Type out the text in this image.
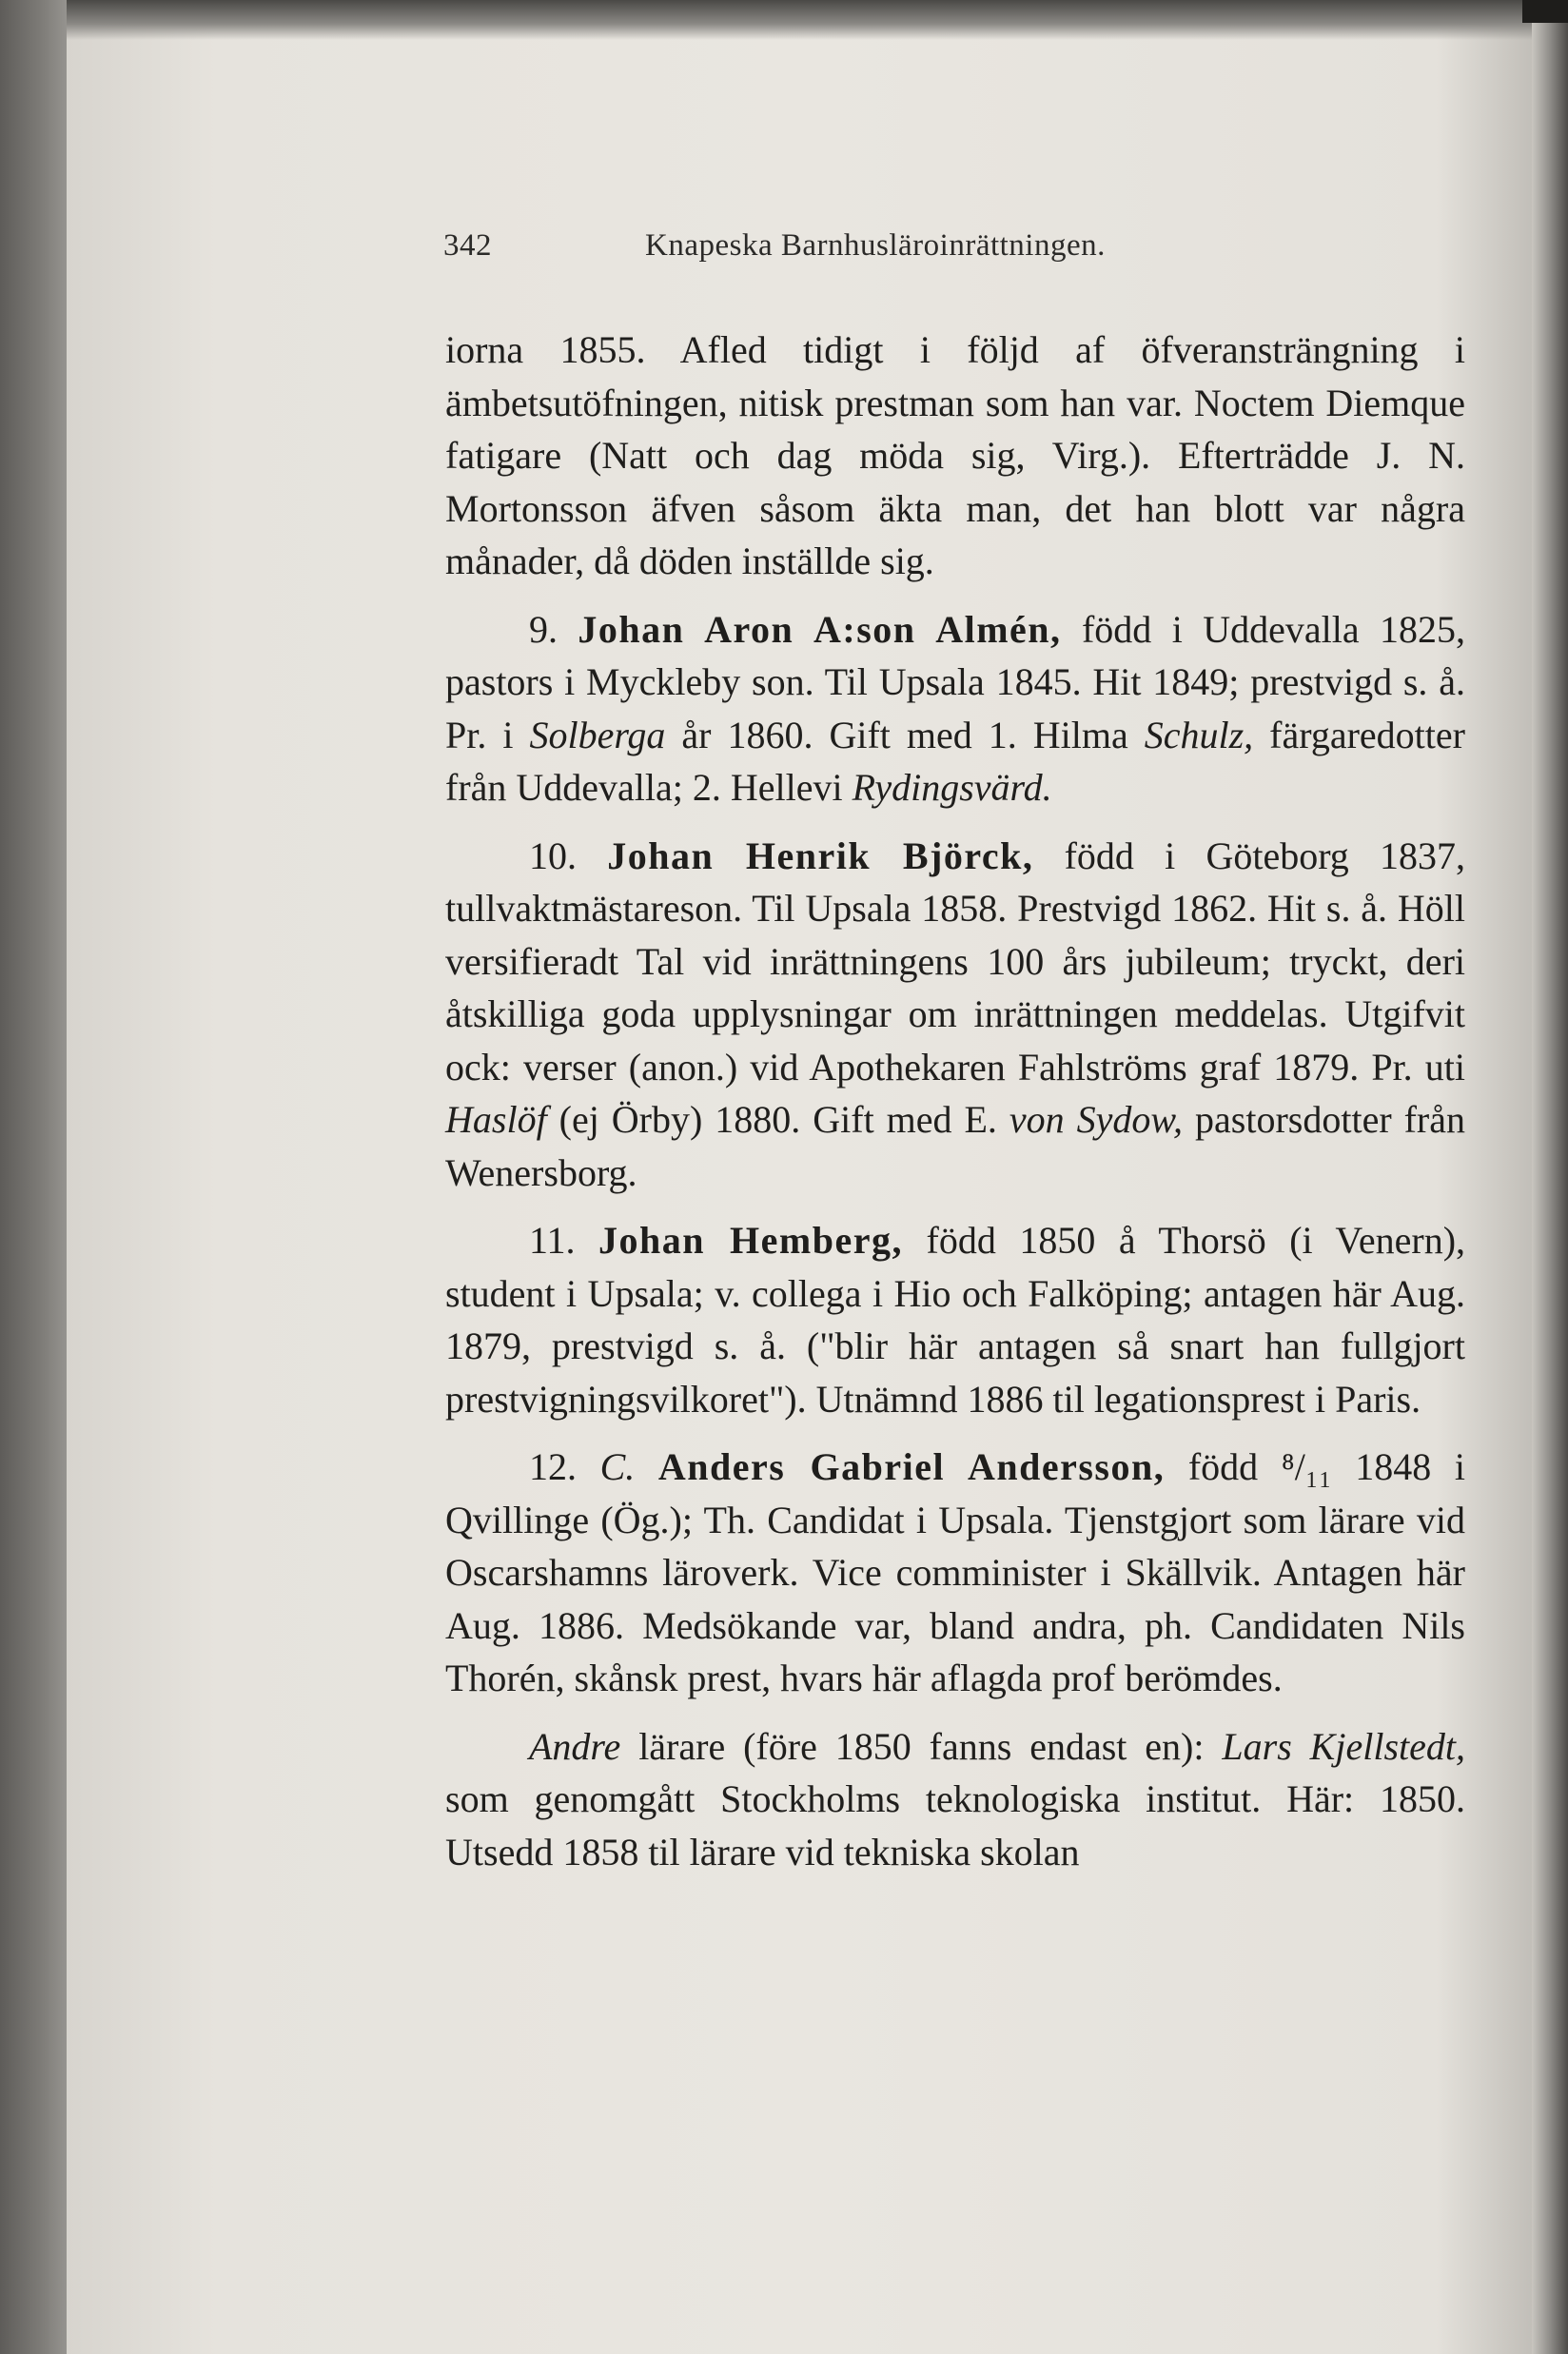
342	Knapeska Barnhusläroinrättningen.

iorna 1855. Afled tidigt i följd af öfveransträngning i ämbetsutöfningen, nitisk prestman som han var. Noctem Diemque fatigare (Natt och dag möda sig, Virg.). Efterträdde J. N. Mortonsson äfven såsom äkta man, det han blott var några månader, då döden inställde sig.

9. Johan Aron A:son Almén, född i Uddevalla 1825, pastors i Myckleby son. Til Upsala 1845. Hit 1849; prestvigd s. å. Pr. i Solberga år 1860. Gift med 1. Hilma Schulz, färgaredotter från Uddevalla; 2. Hellevi Rydingsvärd.

10. Johan Henrik Björck, född i Göteborg 1837, tullvaktmästareson. Til Upsala 1858. Prestvigd 1862. Hit s. å. Höll versifieradt Tal vid inrättningens 100 års jubileum; tryckt, deri åtskilliga goda upplysningar om inrättningen meddelas. Utgifvit ock: verser (anon.) vid Apothekaren Fahlströms graf 1879. Pr. uti Haslöf (ej Örby) 1880. Gift med E. von Sydow, pastorsdotter från Wenersborg.

11. Johan Hemberg, född 1850 å Thorsö (i Venern), student i Upsala; v. collega i Hio och Falköping; antagen här Aug. 1879, prestvigd s. å. ("blir här antagen så snart han fullgjort prestvigningsvilkoret"). Utnämnd 1886 til legationsprest i Paris.

12. C. Anders Gabriel Andersson, född ⁸/₁₁ 1848 i Qvillinge (Ög.); Th. Candidat i Upsala. Tjenstgjort som lärare vid Oscarshamns läroverk. Vice comminister i Skällvik. Antagen här Aug. 1886. Medsökande var, bland andra, ph. Candidaten Nils Thorén, skånsk prest, hvars här aflagda prof berömdes.

Andre lärare (före 1850 fanns endast en): Lars Kjellstedt, som genomgått Stockholms teknologiska institut. Här: 1850. Utsedd 1858 til lärare vid tekniska skolan
